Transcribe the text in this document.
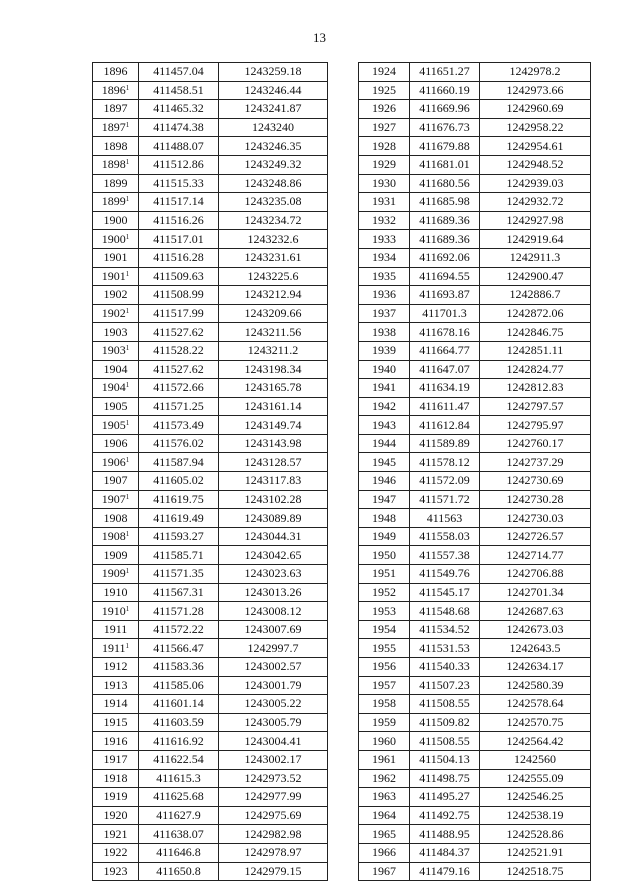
13
1896	411457.04	1243259.18
1896$^1$	411458.51	1243246.44
1897	411465.32	1243241.87
1897$^1$	411474.38	1243240
1898	411488.07	1243246.35
1898$^1$	411512.86	1243249.32
1899	411515.33	1243248.86
1899$^1$	411517.14	1243235.08
1900	411516.26	1243234.72
1900$^1$	411517.01	1243232.6
1901	411516.28	1243231.61
1901$^1$	411509.63	1243225.6
1902	411508.99	1243212.94
1902$^1$	411517.99	1243209.66
1903	411527.62	1243211.56
1903$^1$	411528.22	1243211.2
1904	411527.62	1243198.34
1904$^1$	411572.66	1243165.78
1905	411571.25	1243161.14
1905$^1$	411573.49	1243149.74
1906	411576.02	1243143.98
1906$^1$	411587.94	1243128.57
1907	411605.02	1243117.83
1907$^1$	411619.75	1243102.28
1908	411619.49	1243089.89
1908$^1$	411593.27	1243044.31
1909	411585.71	1243042.65
1909$^1$	411571.35	1243023.63
1910	411567.31	1243013.26
1910$^1$	411571.28	1243008.12
1911	411572.22	1243007.69
1911$^1$	411566.47	1242997.7
1912	411583.36	1243002.57
1913	411585.06	1243001.79
1914	411601.14	1243005.22
1915	411603.59	1243005.79
1916	411616.92	1243004.41
1917	411622.54	1243002.17
1918	411615.3	1242973.52
1919	411625.68	1242977.99
1920	411627.9	1242975.69
1921	411638.07	1242982.98
1922	411646.8	1242978.97
1923	411650.8	1242979.15
1924	411651.27	1242978.2
1925	411660.19	1242973.66
1926	411669.96	1242960.69
1927	411676.73	1242958.22
1928	411679.88	1242954.61
1929	411681.01	1242948.52
1930	411680.56	1242939.03
1931	411685.98	1242932.72
1932	411689.36	1242927.98
1933	411689.36	1242919.64
1934	411692.06	1242911.3
1935	411694.55	1242900.47
1936	411693.87	1242886.7
1937	411701.3	1242872.06
1938	411678.16	1242846.75
1939	411664.77	1242851.11
1940	411647.07	1242824.77
1941	411634.19	1242812.83
1942	411611.47	1242797.57
1943	411612.84	1242795.97
1944	411589.89	1242760.17
1945	411578.12	1242737.29
1946	411572.09	1242730.69
1947	411571.72	1242730.28
1948	411563	1242730.03
1949	411558.03	1242726.57
1950	411557.38	1242714.77
1951	411549.76	1242706.88
1952	411545.17	1242701.34
1953	411548.68	1242687.63
1954	411534.52	1242673.03
1955	411531.53	1242643.5
1956	411540.33	1242634.17
1957	411507.23	1242580.39
1958	411508.55	1242578.64
1959	411509.82	1242570.75
1960	411508.55	1242564.42
1961	411504.13	1242560
1962	411498.75	1242555.09
1963	411495.27	1242546.25
1964	411492.75	1242538.19
1965	411488.95	1242528.86
1966	411484.37	1242521.91
1967	411479.16	1242518.75
